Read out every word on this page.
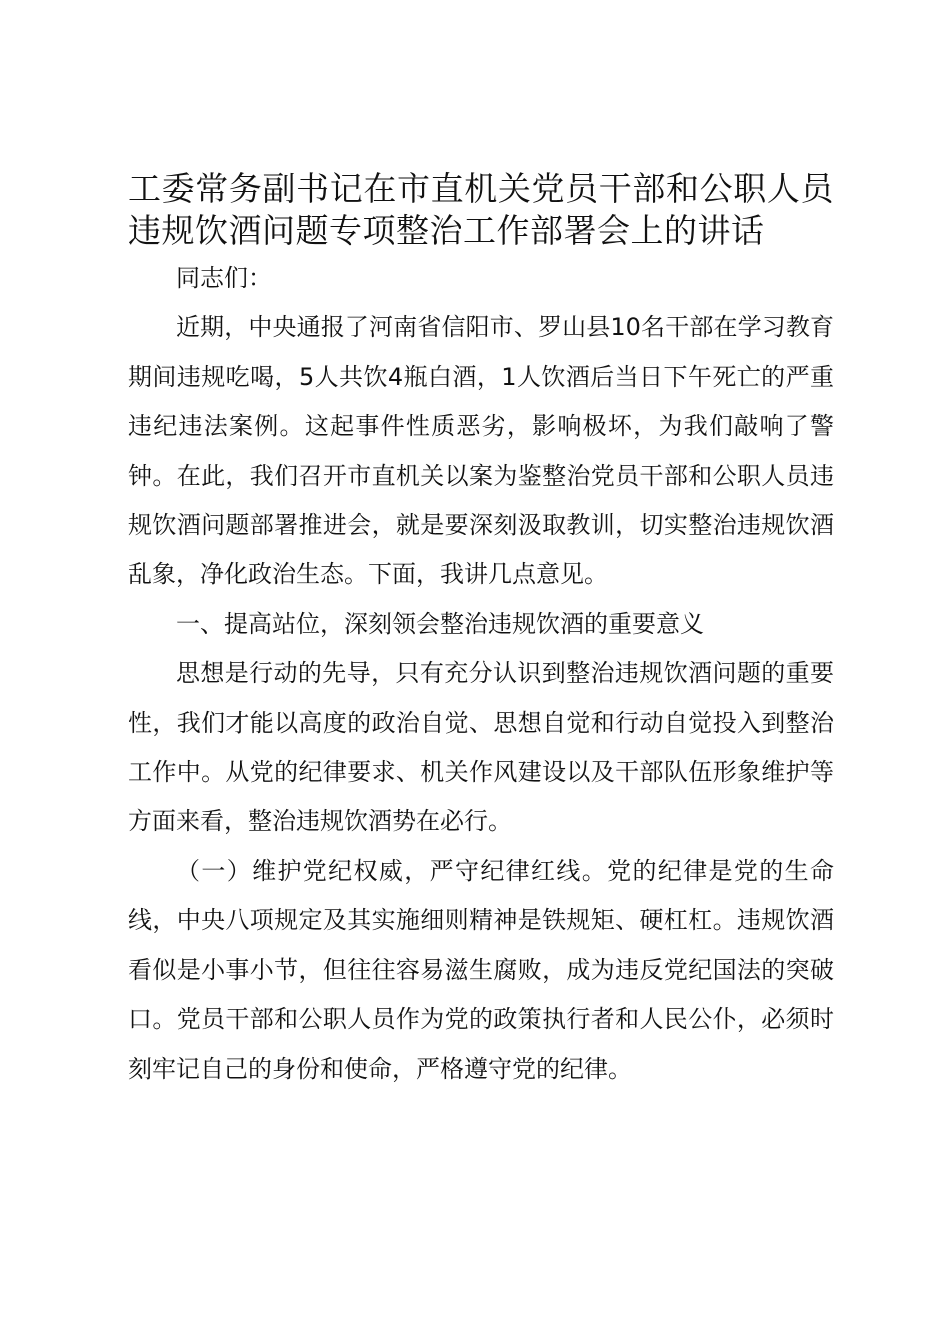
工委常务副书记在市直机关党员干部和公职人员违规饮酒问题专项整治工作部署会上的讲话

同志们：

近期，中央通报了河南省信阳市、罗山县10名干部在学习教育期间违规吃喝，5人共饮4瓶白酒，1人饮酒后当日下午死亡的严重违纪违法案例。这起事件性质恶劣，影响极坏，为我们敲响了警钟。在此，我们召开市直机关以案为鉴整治党员干部和公职人员违规饮酒问题部署推进会，就是要深刻汲取教训，切实整治违规饮酒乱象，净化政治生态。下面，我讲几点意见。

一、提高站位，深刻领会整治违规饮酒的重要意义

思想是行动的先导，只有充分认识到整治违规饮酒问题的重要性，我们才能以高度的政治自觉、思想自觉和行动自觉投入到整治工作中。从党的纪律要求、机关作风建设以及干部队伍形象维护等方面来看，整治违规饮酒势在必行。

（一）维护党纪权威，严守纪律红线。党的纪律是党的生命线，中央八项规定及其实施细则精神是铁规矩、硬杠杠。违规饮酒看似是小事小节，但往往容易滋生腐败，成为违反党纪国法的突破口。党员干部和公职人员作为党的政策执行者和人民公仆，必须时刻牢记自己的身份和使命，严格遵守党的纪律。
